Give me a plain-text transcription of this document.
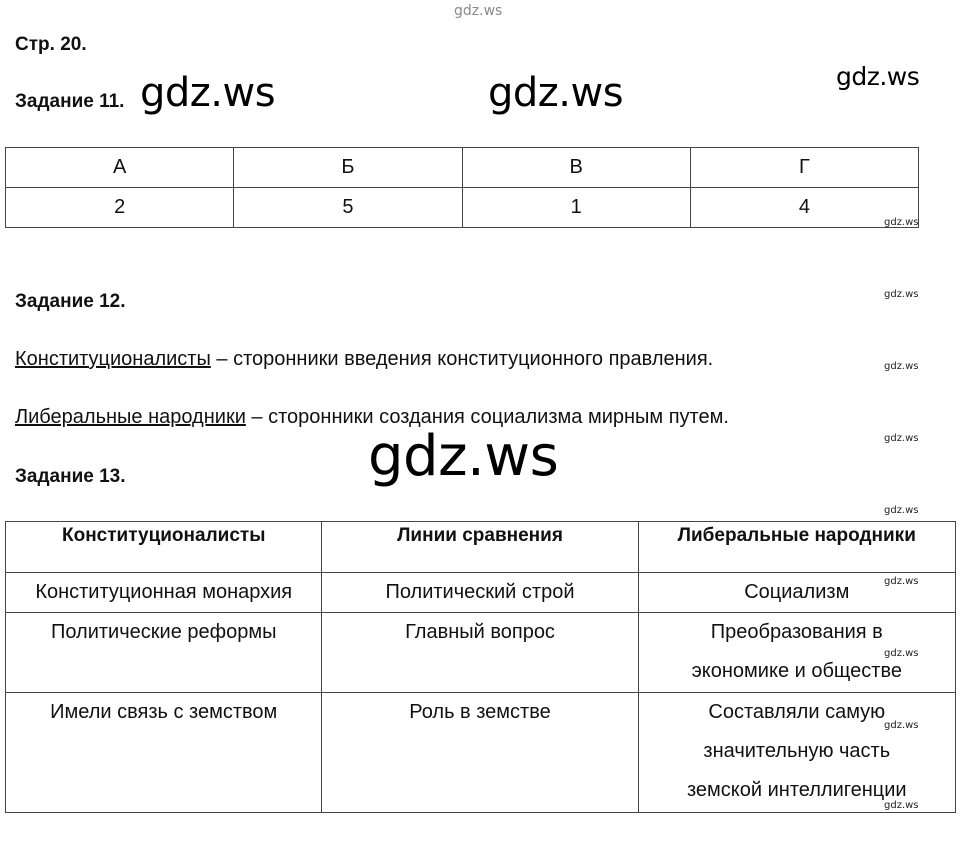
gdz.ws
Стр. 20.
Задание 11. gdz.ws	gdz.ws	gdz.ws
А	Б	В	Г
2	5	1	4
gdz.ws
Задание 12.	gdz.ws
Конституционалисты – сторонники введения конституционного правления.	gdz.ws
Либеральные народники – сторонники создания социализма мирным путем.
gdz.ws
Задание 13.	gdz.ws
gdz.ws
Конституционалисты	Линии сравнения	Либеральные народники
Конституционная монархия	Политический строй	Социализм
Политические реформы	Главный вопрос	Преобразования в экономике и обществе
Имели связь с земством	Роль в земстве	Составляли самую значительную часть земской интеллигенции
gdz.ws
gdz.ws
gdz.ws
gdz.ws
